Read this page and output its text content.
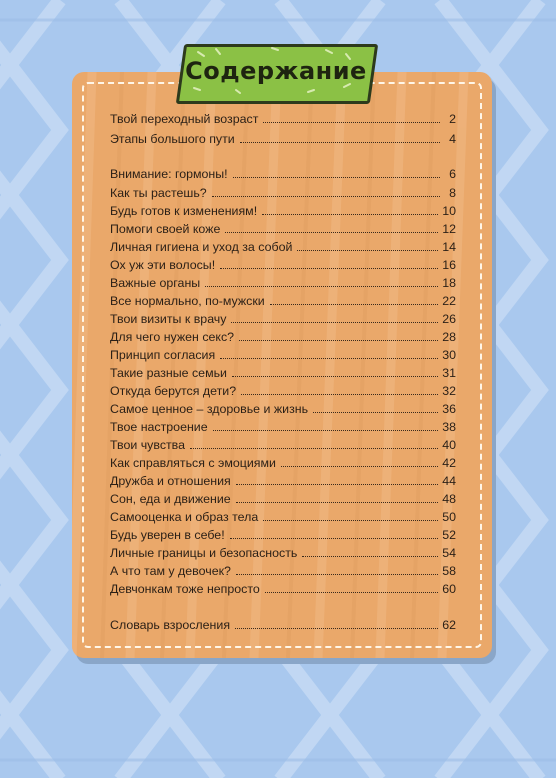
Содержание
Твой переходный возраст	2
Этапы большого пути	4
Внимание: гормоны!	6
Как ты растешь?	8
Будь готов к изменениям!	10
Помоги своей коже	12
Личная гигиена и уход за собой	14
Ох уж эти волосы!	16
Важные органы	18
Все нормально, по-мужски	22
Твои визиты к врачу	26
Для чего нужен секс?	28
Принцип согласия	30
Такие разные семьи	31
Откуда берутся дети?	32
Самое ценное – здоровье и жизнь	36
Твое настроение	38
Твои чувства	40
Как справляться с эмоциями	42
Дружба и отношения	44
Сон, еда и движение	48
Самооценка и образ тела	50
Будь уверен в себе!	52
Личные границы и безопасность	54
А что там у девочек?	58
Девчонкам тоже непросто	60
Словарь взросления	62
